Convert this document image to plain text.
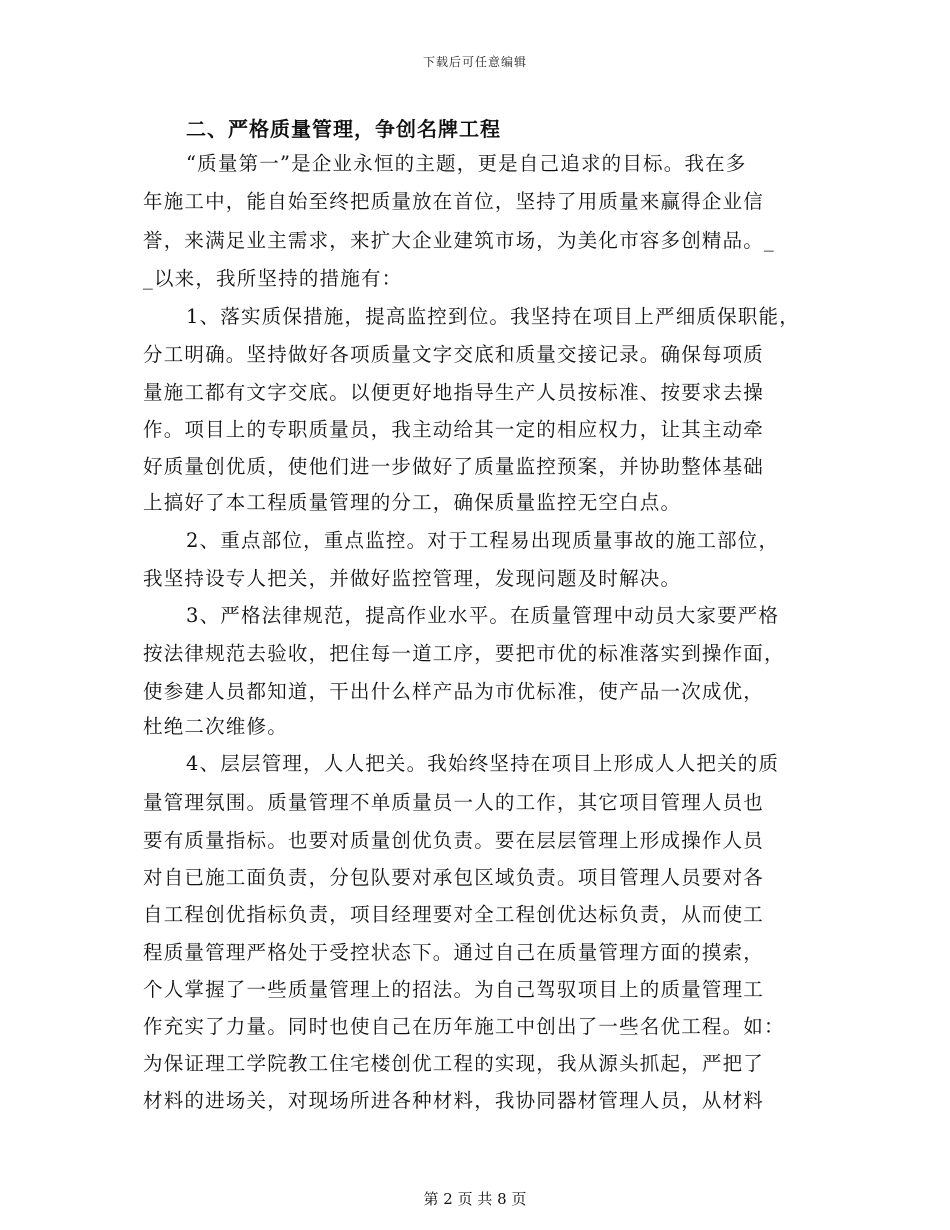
下载后可任意编辑
二、严格质量管理，争创名牌工程
“质量第一”是企业永恒的主题，更是自己追求的目标。我在多
年施工中，能自始至终把质量放在首位，坚持了用质量来赢得企业信
誉，来满足业主需求，来扩大企业建筑市场，为美化市容多创精品。_
_以来，我所坚持的措施有：
1、落实质保措施，提高监控到位。我坚持在项目上严细质保职能，
分工明确。坚持做好各项质量文字交底和质量交接记录。确保每项质
量施工都有文字交底。以便更好地指导生产人员按标准、按要求去操
作。项目上的专职质量员，我主动给其一定的相应权力，让其主动牵
好质量创优质，使他们进一步做好了质量监控预案，并协助整体基础
上搞好了本工程质量管理的分工，确保质量监控无空白点。
2、重点部位，重点监控。对于工程易出现质量事故的施工部位，
我坚持设专人把关，并做好监控管理，发现问题及时解决。
3、严格法律规范，提高作业水平。在质量管理中动员大家要严格
按法律规范去验收，把住每一道工序，要把市优的标准落实到操作面，
使参建人员都知道，干出什么样产品为市优标准，使产品一次成优，
杜绝二次维修。
4、层层管理，人人把关。我始终坚持在项目上形成人人把关的质
量管理氛围。质量管理不单质量员一人的工作，其它项目管理人员也
要有质量指标。也要对质量创优负责。要在层层管理上形成操作人员
对自已施工面负责，分包队要对承包区域负责。项目管理人员要对各
自工程创优指标负责，项目经理要对全工程创优达标负责，从而使工
程质量管理严格处于受控状态下。通过自己在质量管理方面的摸索，
个人掌握了一些质量管理上的招法。为自己驾驭项目上的质量管理工
作充实了力量。同时也使自己在历年施工中创出了一些名优工程。如：
为保证理工学院教工住宅楼创优工程的实现，我从源头抓起，严把了
材料的进场关，对现场所进各种材料，我协同器材管理人员，从材料
第 2 页 共 8 页
